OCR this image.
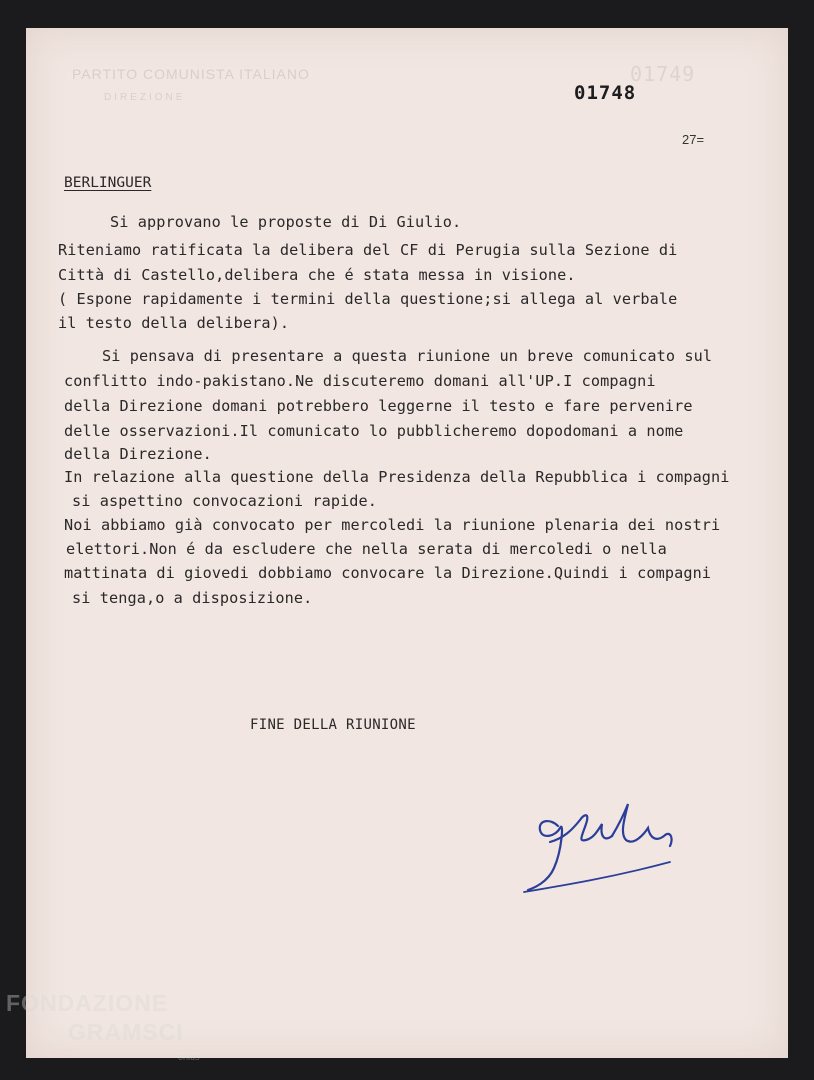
PARTITO COMUNISTA ITALIANO
DIREZIONE
01749
01748
27=
BERLINGUER
Si approvano le proposte di Di Giulio.
Riteniamo ratificata la delibera del CF di Perugia sulla Sezione di
Città di Castello,delibera che é stata messa in visione.
( Espone rapidamente i termini della questione;si allega al verbale
il testo della delibera).
Si pensava di presentare a questa riunione un breve comunicato sul
conflitto indo-pakistano.Ne discuteremo domani all'UP.I compagni
della Direzione domani potrebbero leggerne il testo e fare pervenire
delle osservazioni.Il comunicato lo pubblicheremo dopodomani a nome
della Direzione.
In relazione alla questione della Presidenza della Repubblica i compagni
si aspettino convocazioni rapide.
Noi abbiamo già convocato per mercoledi la riunione plenaria dei nostri
elettori.Non é da escludere che nella serata di mercoledi o nella
mattinata di giovedi dobbiamo convocare la Direzione.Quindi i compagni
si tenga,o a disposizione.
FINE DELLA RIUNIONE
FONDAZIONE
GRAMSCI
onlus
